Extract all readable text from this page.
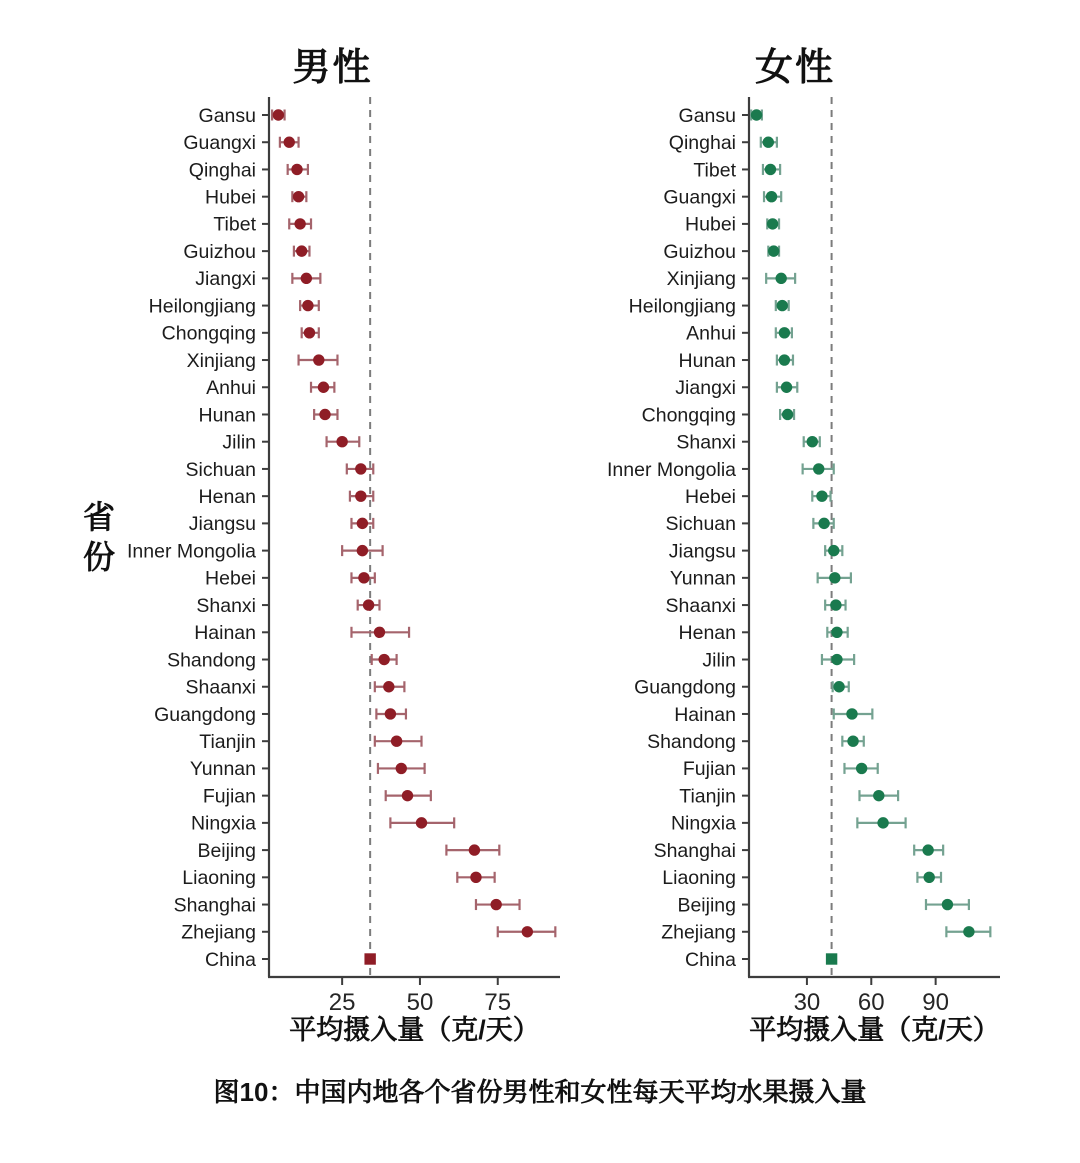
男性	女性
省份
25 50 75
Gansu
Guangxi
Qinghai
Hubei
Tibet
Guizhou
Jiangxi
Heilongjiang
Chongqing
Xinjiang
Anhui
Hunan
Jilin
Sichuan
Henan
Jiangsu
Inner Mongolia
Hebei
Shanxi
Hainan
Shandong
Shaanxi
Guangdong
Tianjin
Yunnan
Fujian
Ningxia
Beijing
Liaoning
Shanghai
Zhejiang
China
30 60 90
Gansu
Qinghai
Tibet
Guangxi
Hubei
Guizhou
Xinjiang
Heilongjiang
Anhui
Hunan
Jiangxi
Chongqing
Shanxi
Inner Mongolia
Hebei
Sichuan
Jiangsu
Yunnan
Shaanxi
Henan
Jilin
Guangdong
Hainan
Shandong
Fujian
Tianjin
Ningxia
Shanghai
Liaoning
Beijing
Zhejiang
China
平均摄入量（克/天）	平均摄入量（克/天）
图10：中国内地各个省份男性和女性每天平均水果摄入量
